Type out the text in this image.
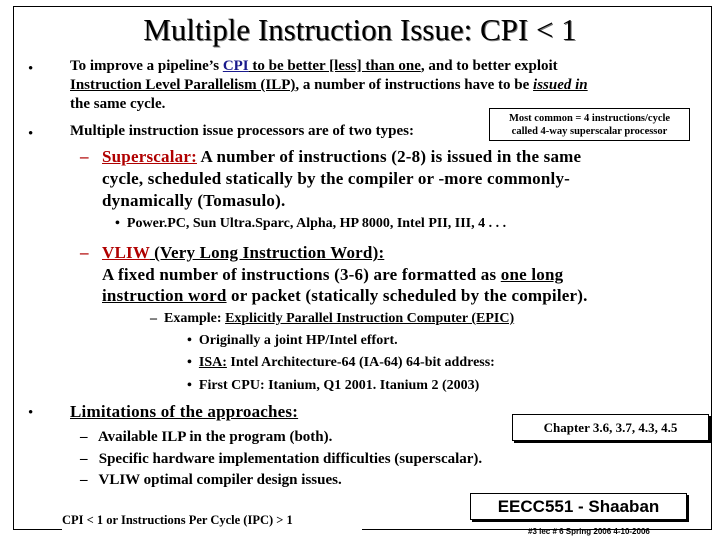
Multiple Instruction Issue: CPI < 1
• To improve a pipeline’s CPI to be better [less] than one, and to better exploit
Instruction Level Parallelism (ILP), a number of instructions have to be issued in
the same cycle.
• Multiple instruction issue processors are of two types:
Most common = 4 instructions/cycle
called 4-way superscalar processor
– Superscalar: A number of instructions (2-8) is issued in the same
cycle, scheduled statically by the compiler or -more commonly-
dynamically (Tomasulo).
•  Power.PC, Sun Ultra.Sparc, Alpha, HP 8000, Intel PII, III, 4 . . .
– VLIW (Very Long Instruction Word):
A fixed number of instructions (3-6) are formatted as one long
instruction word or packet (statically scheduled by the compiler).
–  Example: Explicitly Parallel Instruction Computer (EPIC)
•  Originally a joint HP/Intel effort.
•  ISA: Intel Architecture-64 (IA-64) 64-bit address:
•  First CPU: Itanium, Q1 2001. Itanium 2 (2003)
• Limitations of the approaches:
Chapter 3.6, 3.7, 4.3, 4.5
–   Available ILP in the program (both).
–   Specific hardware implementation difficulties (superscalar).
–   VLIW optimal compiler design issues.
CPI < 1 or Instructions Per Cycle (IPC) > 1
EECC551 - Shaaban
#3 lec # 6 Spring 2006 4-10-2006
